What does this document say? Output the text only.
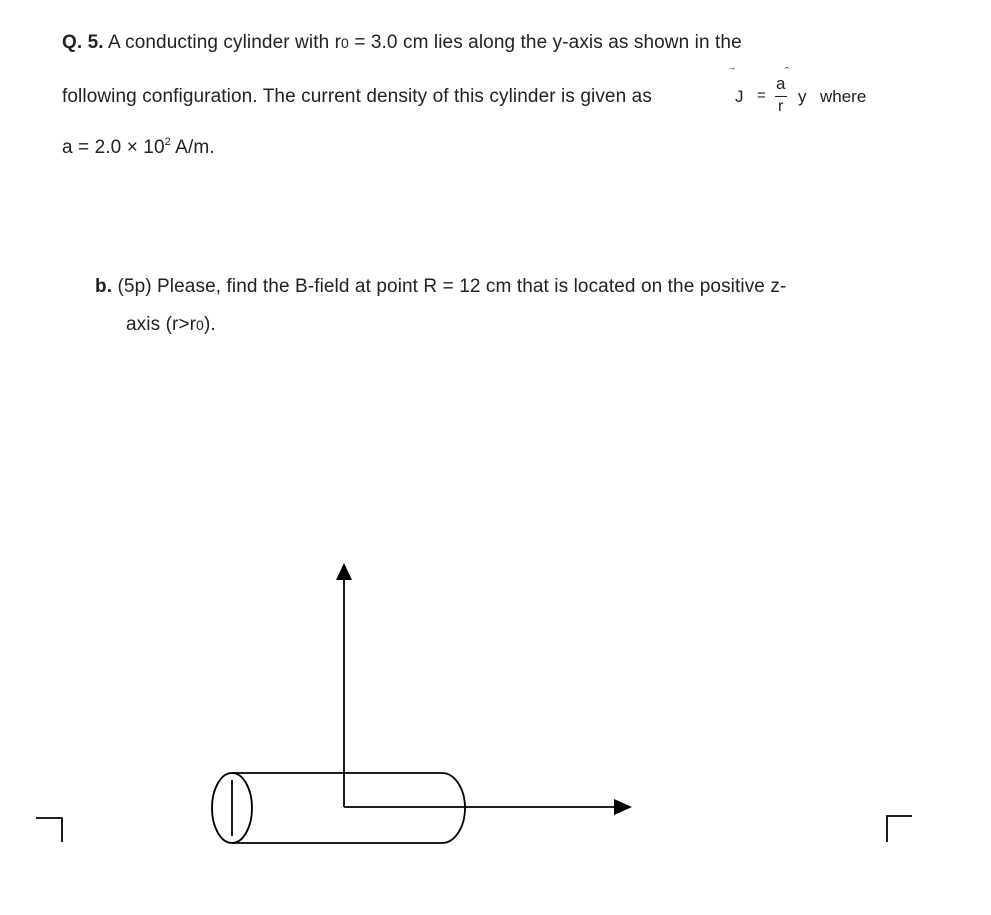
Q. 5. A conducting cylinder with r0 = 3.0 cm lies along the y-axis as shown in the
following configuration. The current density of this cylinder is given as
→
J =
a
ˆ
r
y where
$a = 2.0 \times 10^2$ A/m.
b. (5p) Please, find the B-field at point R = 12 cm that is located on the positive z-
axis (r>r0).
